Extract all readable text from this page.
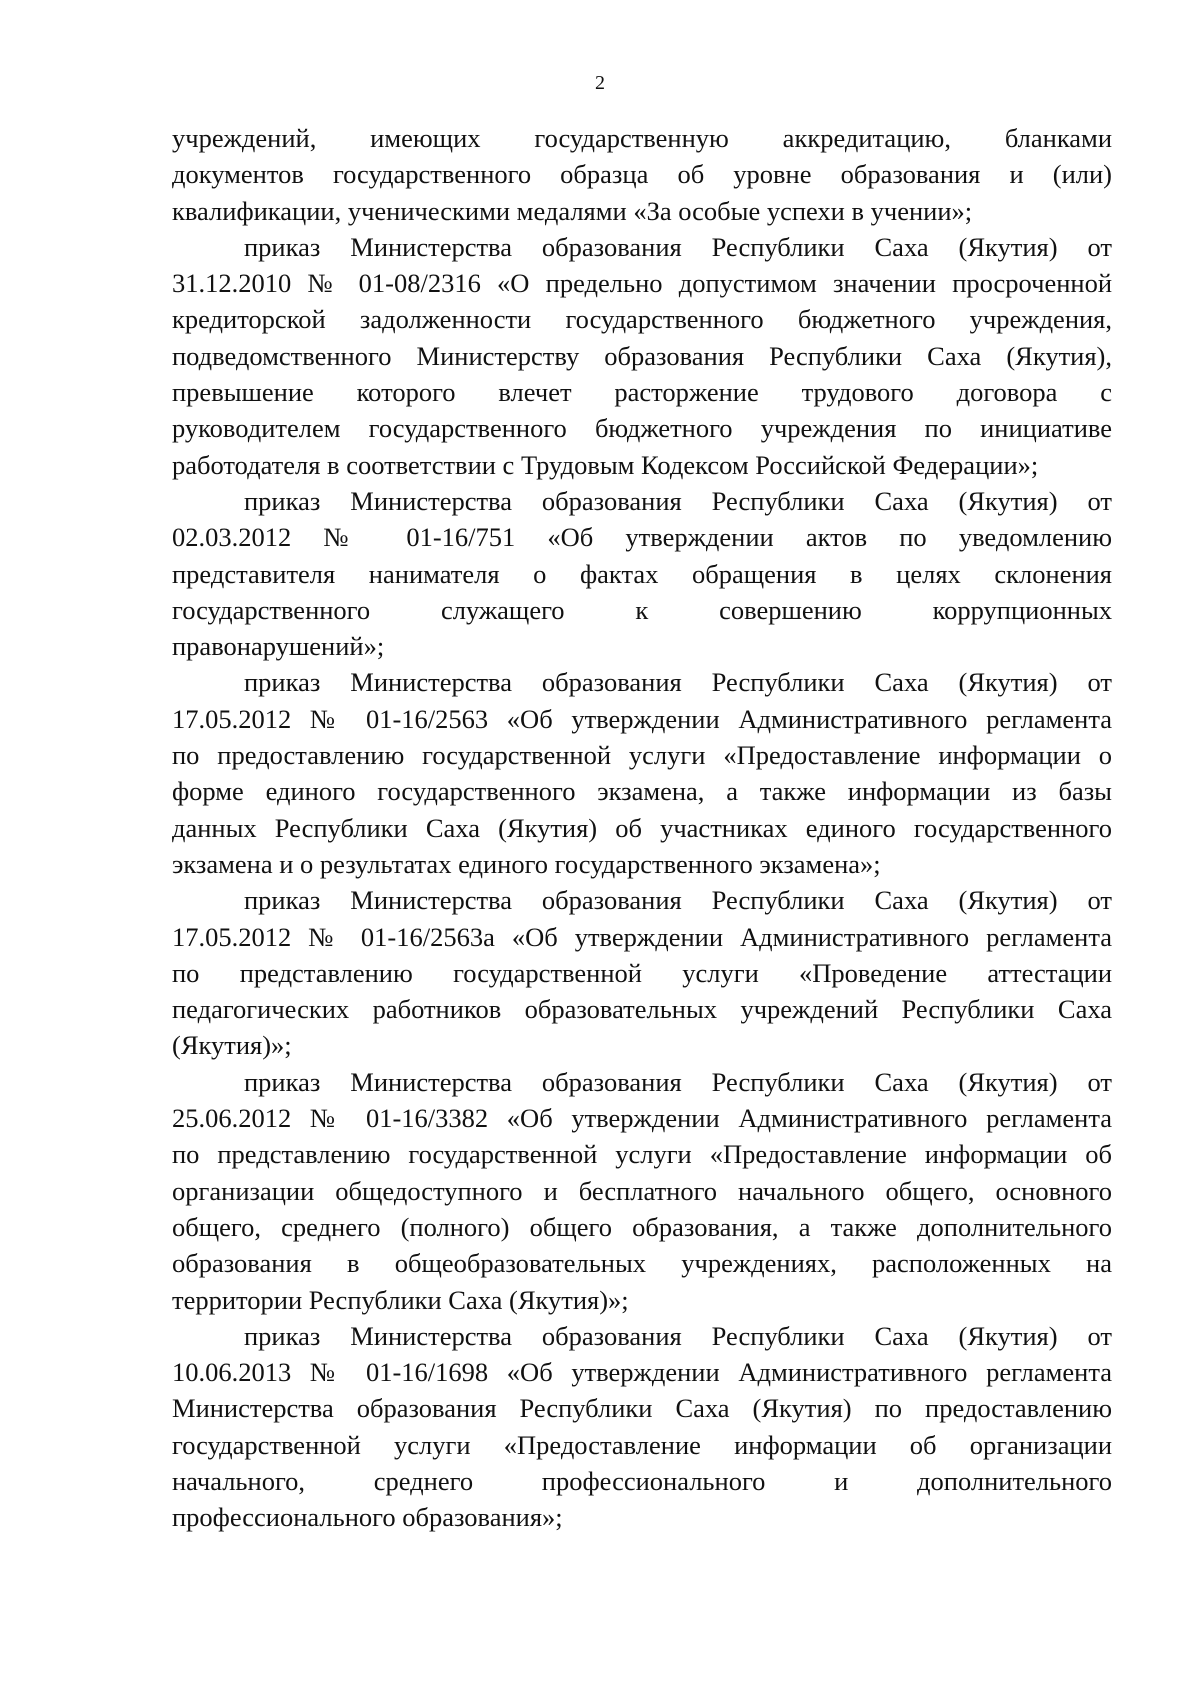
2
учреждений, имеющих государственную аккредитацию, бланками
документов государственного образца об уровне образования и (или)
квалификации, ученическими медалями «За особые успехи в учении»;
приказ Министерства образования Республики Саха (Якутия) от
31.12.2010 № 01-08/2316 «О предельно допустимом значении просроченной
кредиторской задолженности государственного бюджетного учреждения,
подведомственного Министерству образования Республики Саха (Якутия),
превышение которого влечет расторжение трудового договора с
руководителем государственного бюджетного учреждения по инициативе
работодателя в соответствии с Трудовым Кодексом Российской Федерации»;
приказ Министерства образования Республики Саха (Якутия) от
02.03.2012 № 01-16/751 «Об утверждении актов по уведомлению
представителя нанимателя о фактах обращения в целях склонения
государственного служащего к совершению коррупционных
правонарушений»;
приказ Министерства образования Республики Саха (Якутия) от
17.05.2012 № 01-16/2563 «Об утверждении Административного регламента
по предоставлению государственной услуги «Предоставление информации о
форме единого государственного экзамена, а также информации из базы
данных Республики Саха (Якутия) об участниках единого государственного
экзамена и о результатах единого государственного экзамена»;
приказ Министерства образования Республики Саха (Якутия) от
17.05.2012 № 01-16/2563а «Об утверждении Административного регламента
по представлению государственной услуги «Проведение аттестации
педагогических работников образовательных учреждений Республики Саха
(Якутия)»;
приказ Министерства образования Республики Саха (Якутия) от
25.06.2012 № 01-16/3382 «Об утверждении Административного регламента
по представлению государственной услуги «Предоставление информации об
организации общедоступного и бесплатного начального общего, основного
общего, среднего (полного) общего образования, а также дополнительного
образования в общеобразовательных учреждениях, расположенных на
территории Республики Саха (Якутия)»;
приказ Министерства образования Республики Саха (Якутия) от
10.06.2013 № 01-16/1698 «Об утверждении Административного регламента
Министерства образования Республики Саха (Якутия) по предоставлению
государственной услуги «Предоставление информации об организации
начального, среднего профессионального и дополнительного
профессионального образования»;
